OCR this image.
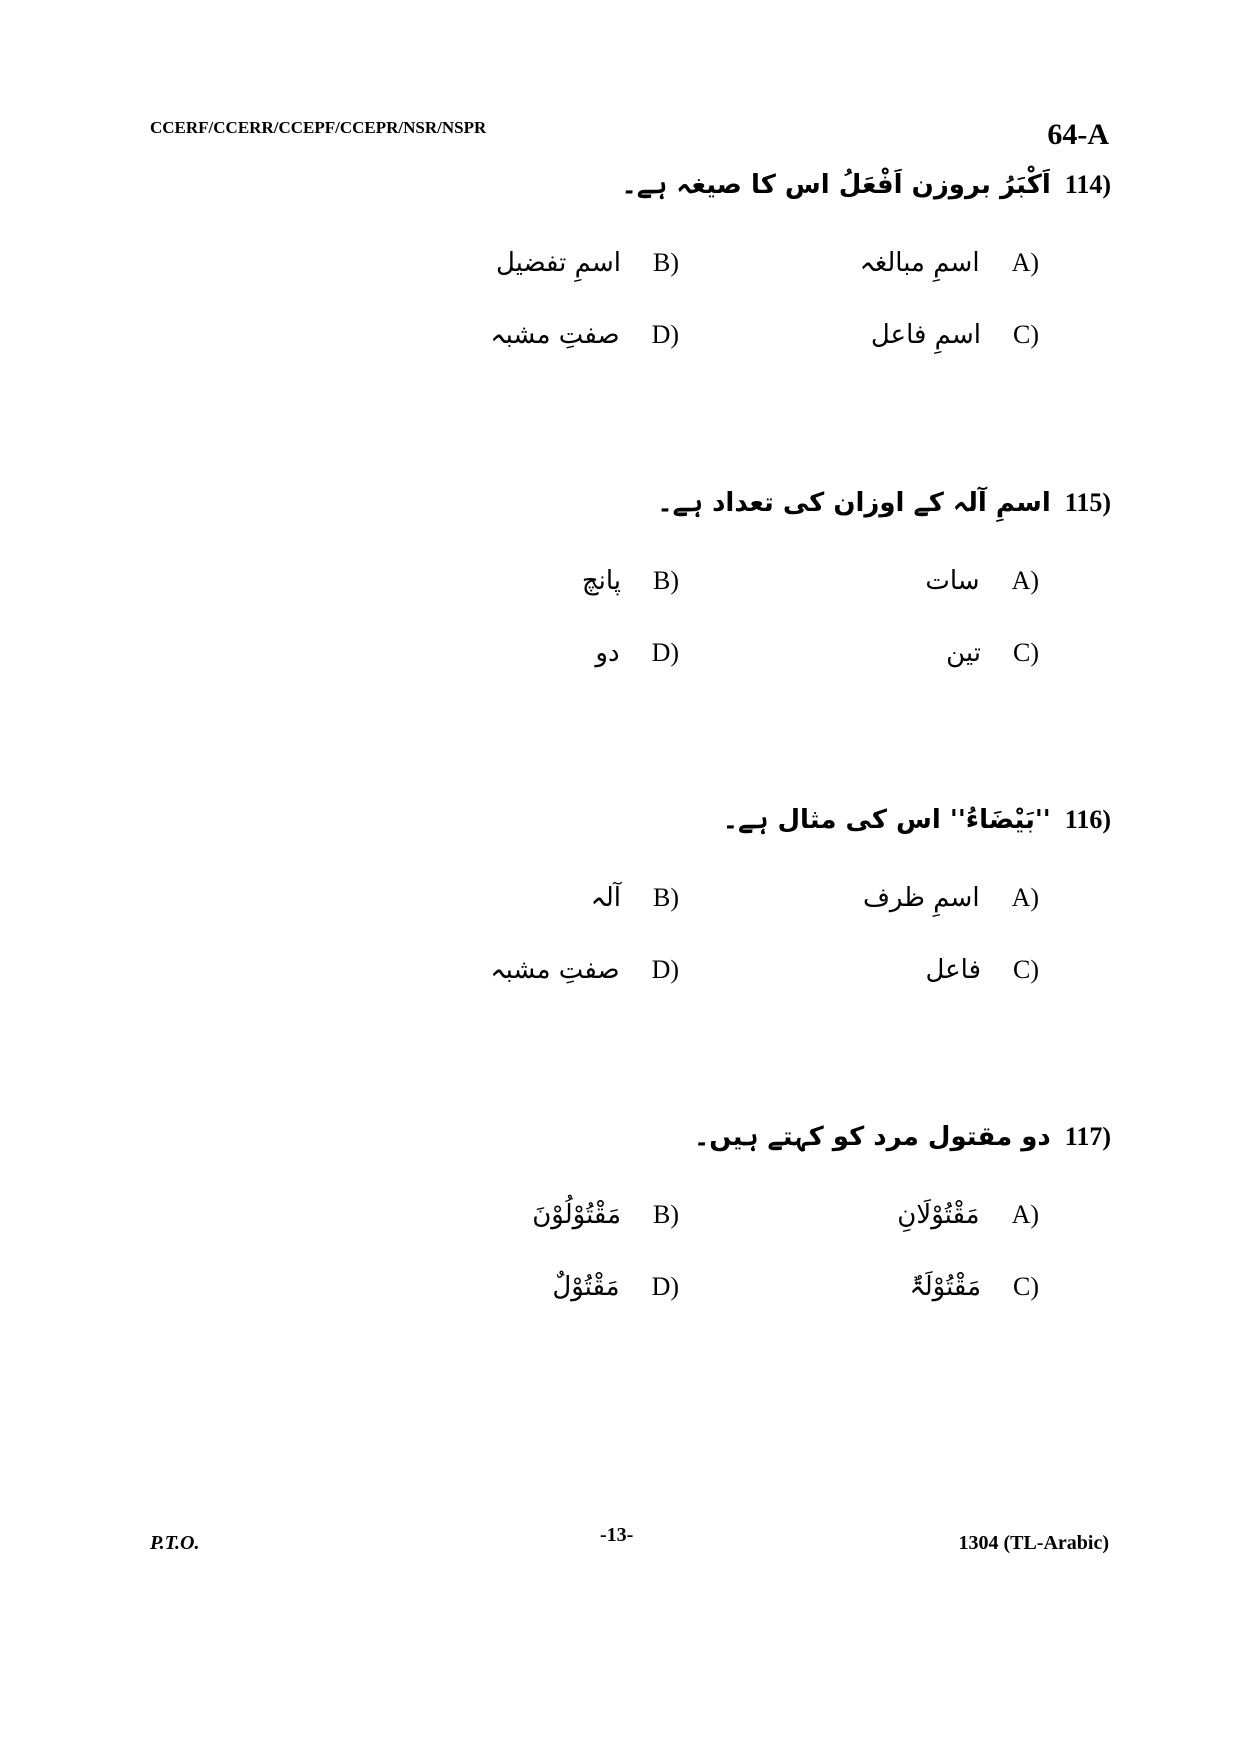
CCERF/CCERR/CCEPF/CCEPR/NSR/NSPR	64-A
114)
اَکْبَرُ بروزن اَفْعَلُ اس کا صیغہ ہے۔
A)
اسمِ مبالغہ
B)
اسمِ تفضیل
C)
اسمِ فاعل
D)
صفتِ مشبہ
115)
اسمِ آلہ کے اوزان کی تعداد ہے۔
A)
سات
B)
پانچ
C)
تین
D)
دو
116)
''بَیْضَاءُ'' اس کی مثال ہے۔
A)
اسمِ ظرف
B)
آلہ
C)
فاعل
D)
صفتِ مشبہ
117)
دو مقتول مرد کو کہتے ہیں۔
A)
مَقْتُوْلَانِ
B)
مَقْتُوْلُوْنَ
C)
مَقْتُوْلَۃٌ
D)
مَقْتُوْلٌ
P.T.O.	-13-	1304 (TL-Arabic)
